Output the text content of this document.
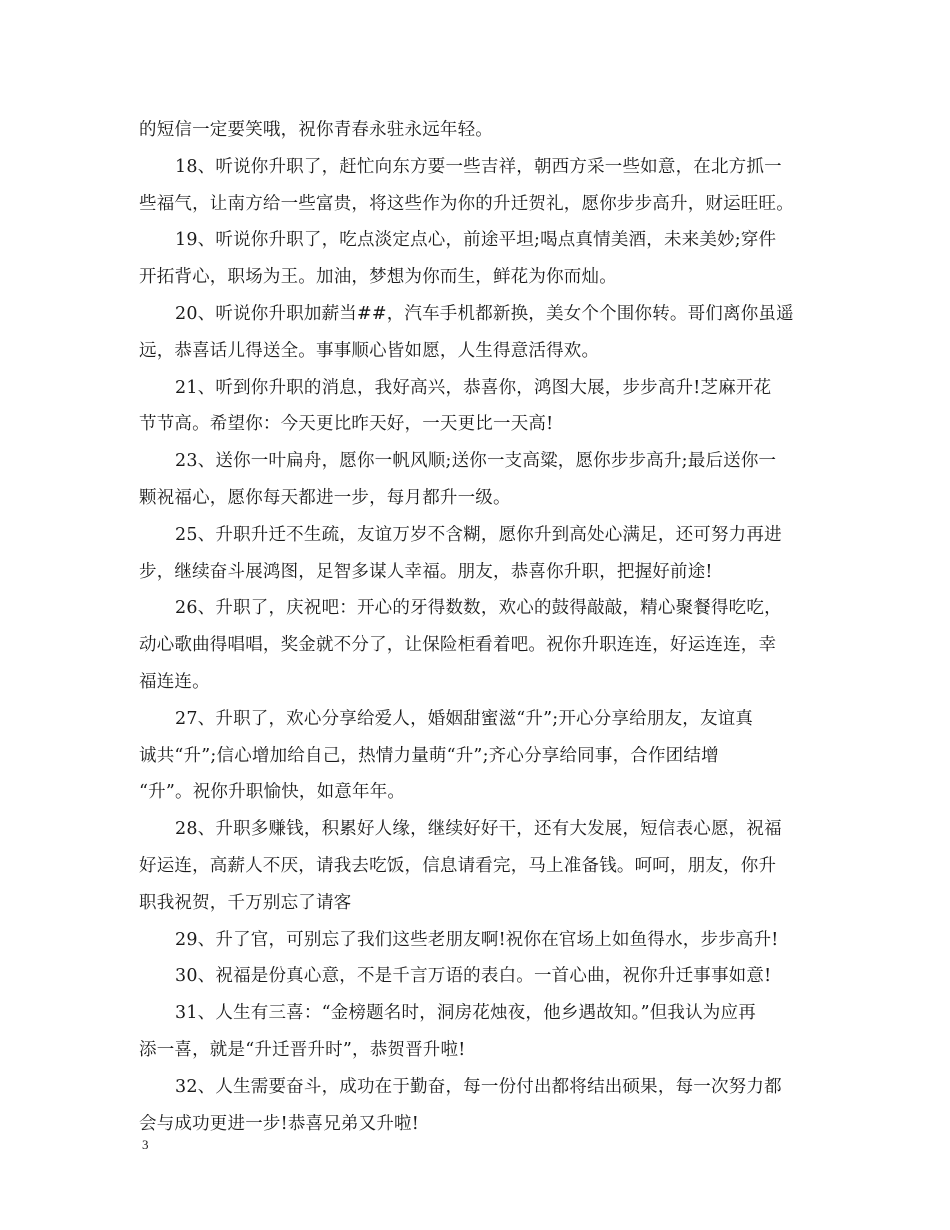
的短信一定要笑哦，祝你青春永驻永远年轻。
18、听说你升职了，赶忙向东方要一些吉祥，朝西方采一些如意，在北方抓一
些福气，让南方给一些富贵，将这些作为你的升迁贺礼，愿你步步高升，财运旺旺。
19、听说你升职了，吃点淡定点心，前途平坦;喝点真情美酒，未来美妙;穿件
开拓背心，职场为王。加油，梦想为你而生，鲜花为你而灿。
20、听说你升职加薪当##，汽车手机都新换，美女个个围你转。哥们离你虽遥
远，恭喜话儿得送全。事事顺心皆如愿，人生得意活得欢。
21、听到你升职的消息，我好高兴，恭喜你，鸿图大展，步步高升!芝麻开花
节节高。希望你：今天更比昨天好，一天更比一天高!
23、送你一叶扁舟，愿你一帆风顺;送你一支高粱，愿你步步高升;最后送你一
颗祝福心，愿你每天都进一步，每月都升一级。
25、升职升迁不生疏，友谊万岁不含糊，愿你升到高处心满足，还可努力再进
步，继续奋斗展鸿图，足智多谋人幸福。朋友，恭喜你升职，把握好前途!
26、升职了，庆祝吧：开心的牙得数数，欢心的鼓得敲敲，精心聚餐得吃吃，
动心歌曲得唱唱，奖金就不分了，让保险柜看着吧。祝你升职连连，好运连连，幸
福连连。
27、升职了，欢心分享给爱人，婚姻甜蜜滋“升”;开心分享给朋友，友谊真
诚共“升”;信心增加给自己，热情力量萌“升”;齐心分享给同事，合作团结增
“升”。祝你升职愉快，如意年年。
28、升职多赚钱，积累好人缘，继续好好干，还有大发展，短信表心愿，祝福
好运连，高薪人不厌，请我去吃饭，信息请看完，马上准备钱。呵呵，朋友，你升
职我祝贺，千万别忘了请客
29、升了官，可别忘了我们这些老朋友啊!祝你在官场上如鱼得水，步步高升!
30、祝福是份真心意，不是千言万语的表白。一首心曲，祝你升迁事事如意!
31、人生有三喜：“金榜题名时，洞房花烛夜，他乡遇故知。”但我认为应再
添一喜，就是“升迁晋升时”，恭贺晋升啦!
32、人生需要奋斗，成功在于勤奋，每一份付出都将结出硕果，每一次努力都
会与成功更进一步!恭喜兄弟又升啦!
3
